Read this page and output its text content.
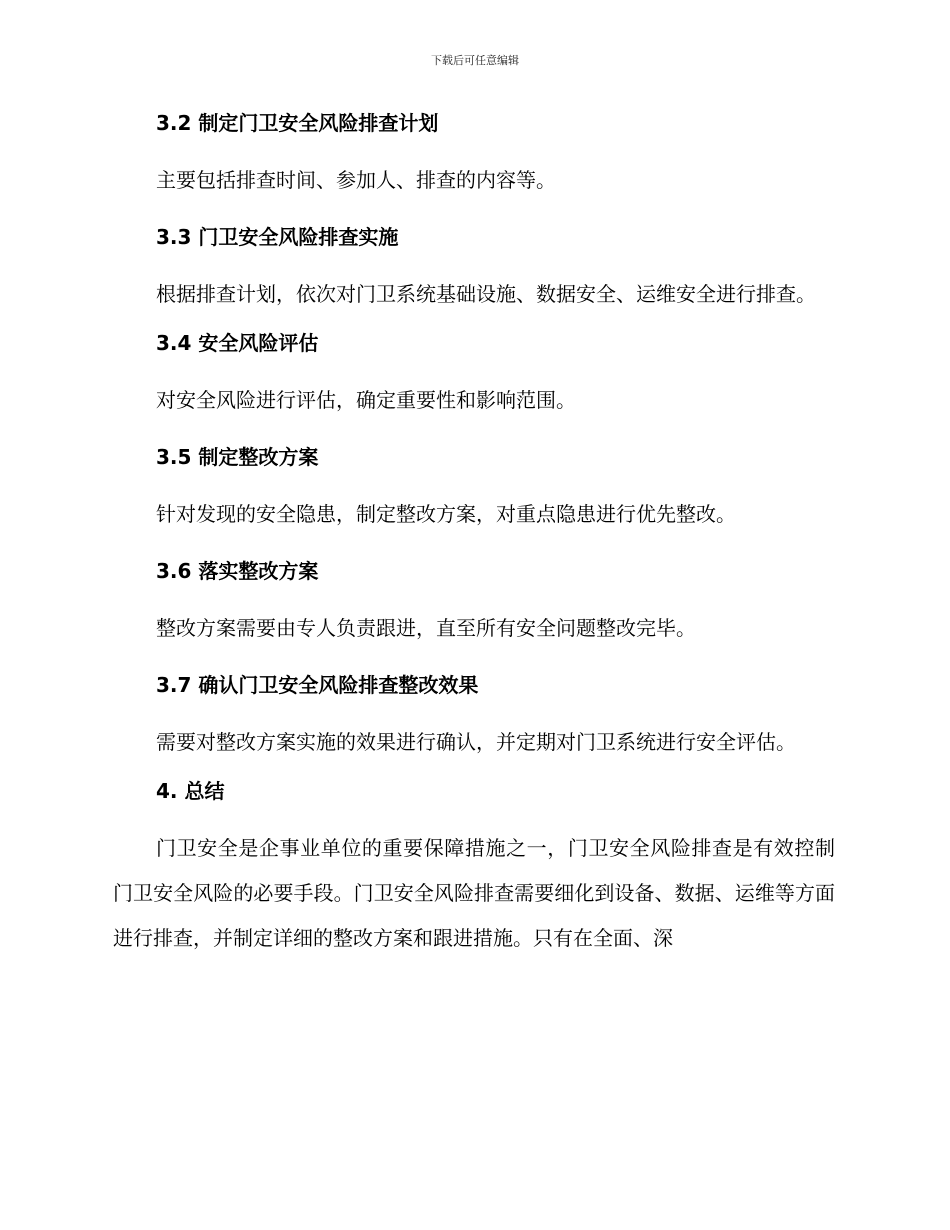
下载后可任意编辑
3.2 制定门卫安全风险排查计划

主要包括排查时间、参加人、排查的内容等。

3.3 门卫安全风险排查实施

根据排查计划，依次对门卫系统基础设施、数据安全、运维安全进行排查。

3.4 安全风险评估

对安全风险进行评估，确定重要性和影响范围。

3.5 制定整改方案

针对发现的安全隐患，制定整改方案，对重点隐患进行优先整改。

3.6 落实整改方案

整改方案需要由专人负责跟进，直至所有安全问题整改完毕。

3.7 确认门卫安全风险排查整改效果

需要对整改方案实施的效果进行确认，并定期对门卫系统进行安全评估。

4. 总结

门卫安全是企事业单位的重要保障措施之一，门卫安全风险排查是有效控制门卫安全风险的必要手段。门卫安全风险排查需要细化到设备、数据、运维等方面进行排查，并制定详细的整改方案和跟进措施。只有在全面、深
